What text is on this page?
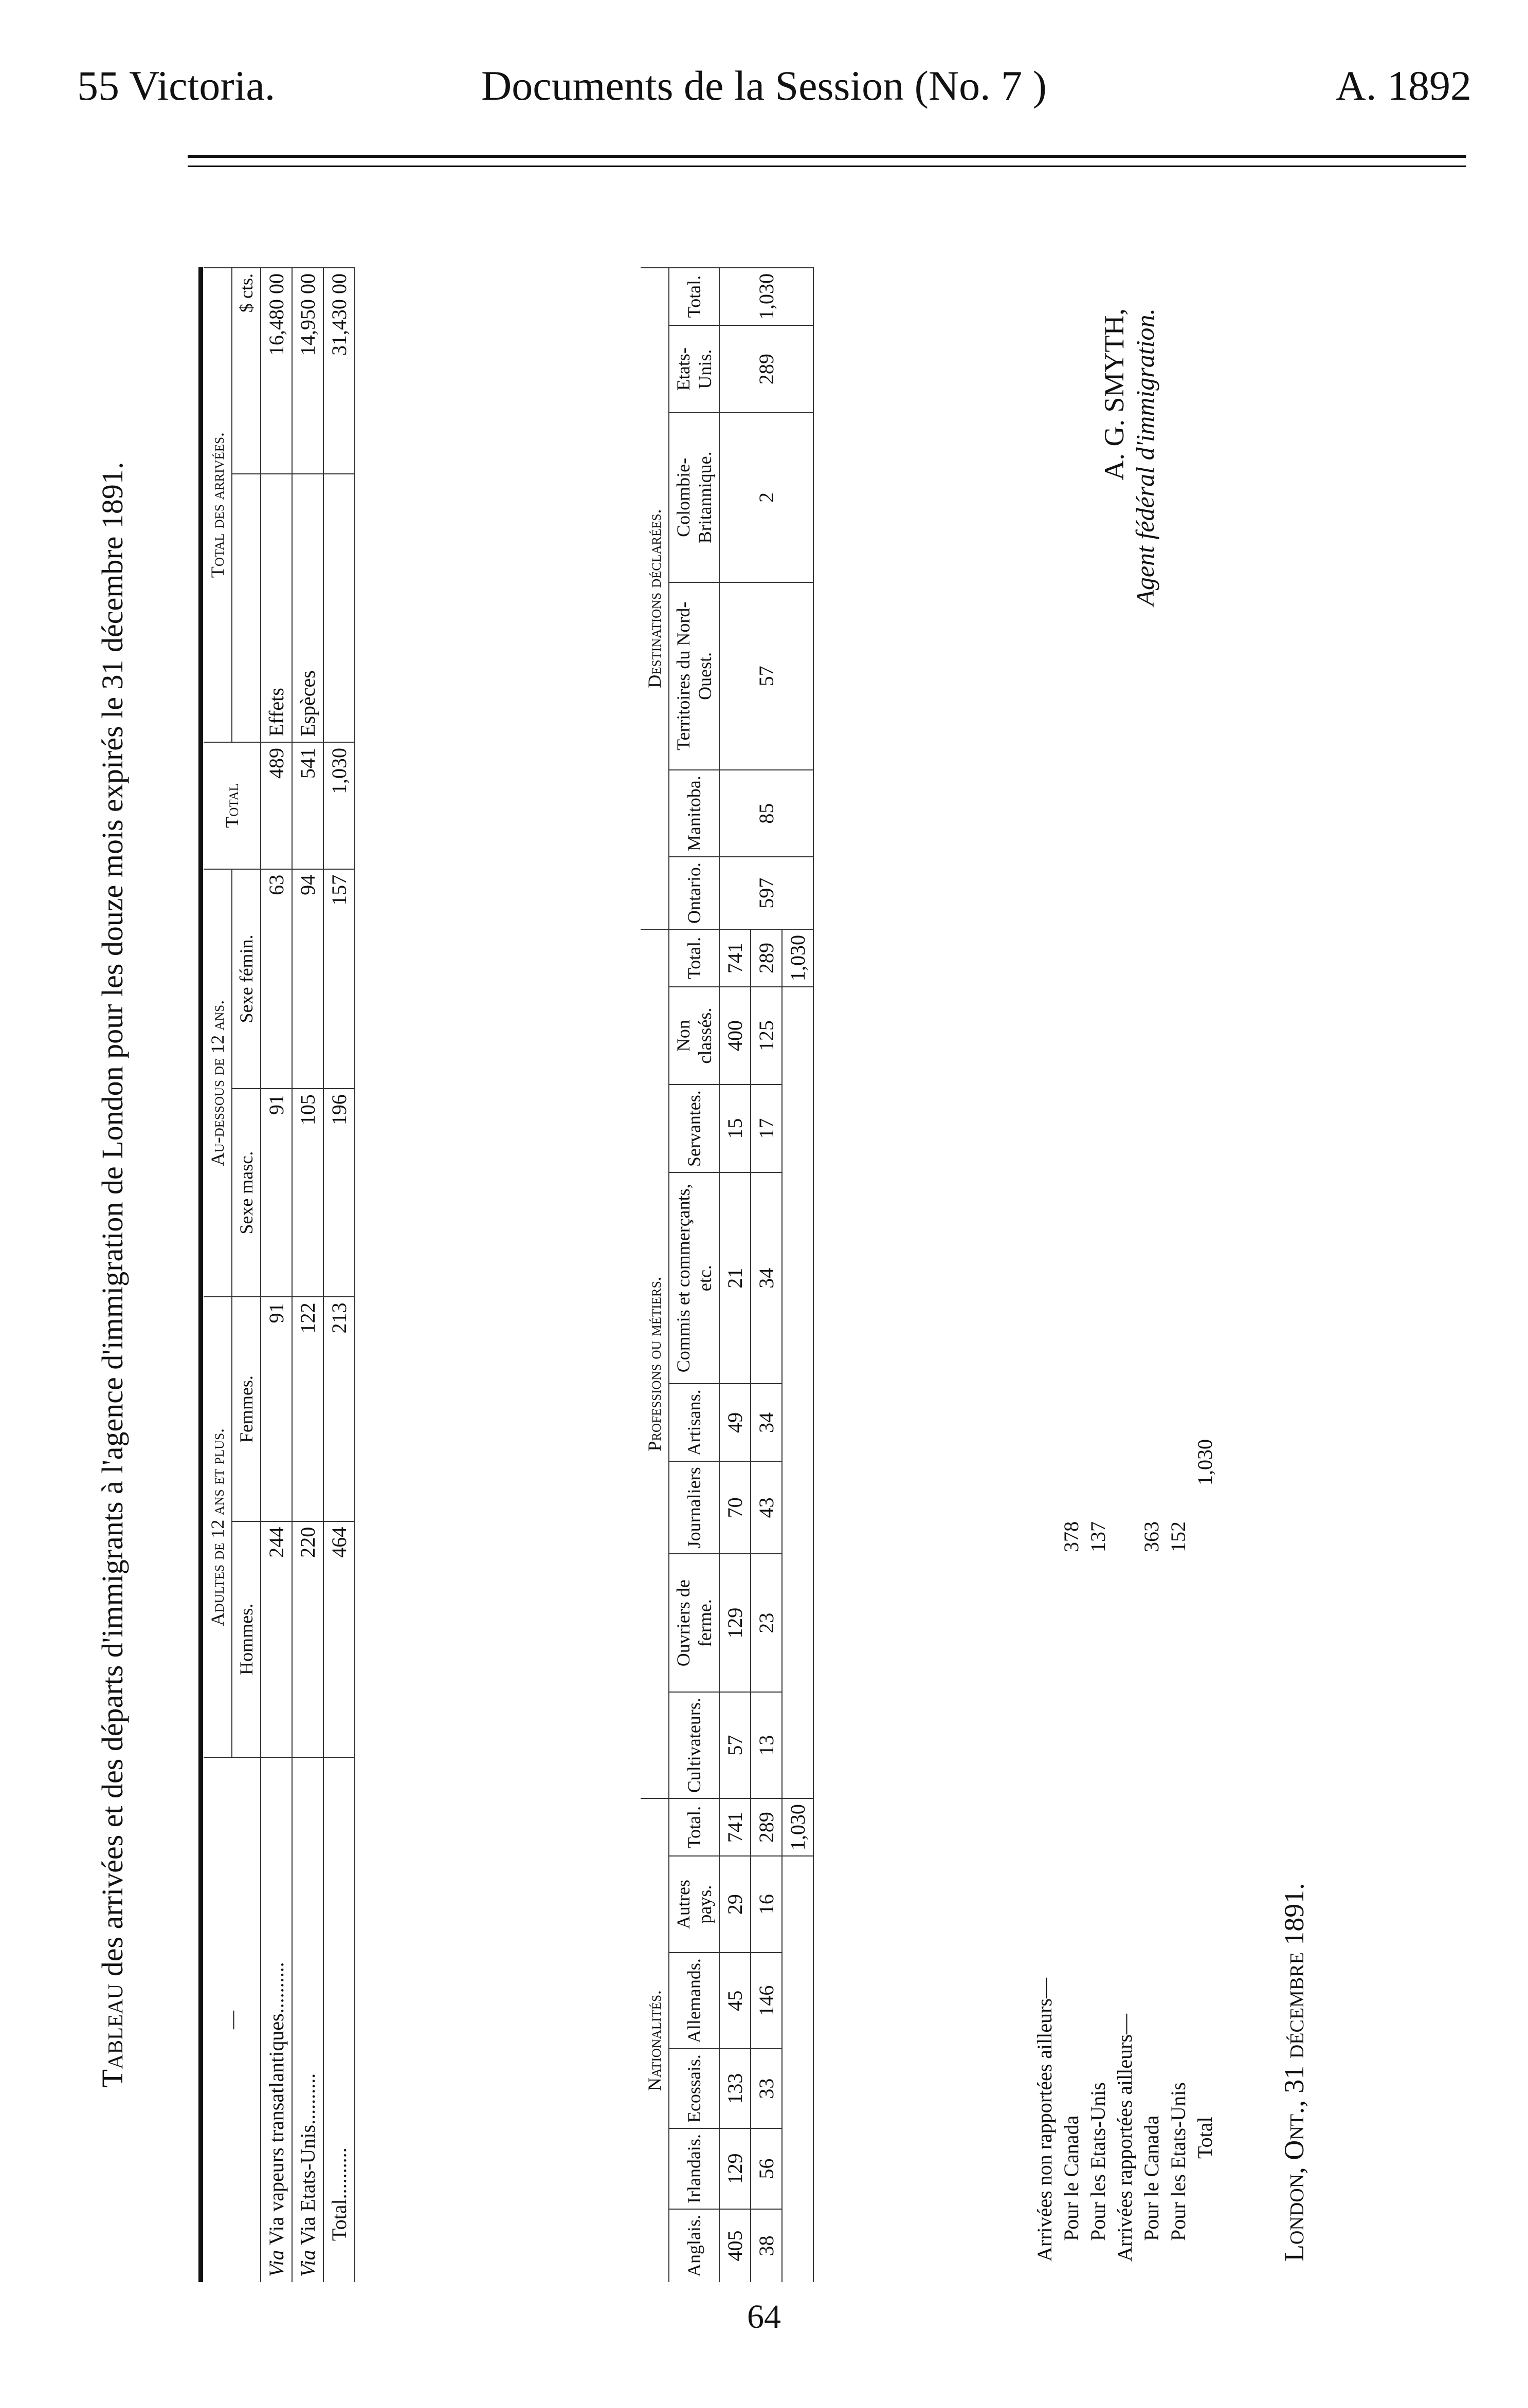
55 Victoria.	Documents de la Session (No. 7 )	A. 1892
Tableau des arrivées et des départs d'immigrants à l'agence d'immigration de London pour les douze mois expirés le 31 décembre 1891.
—	Adultes de 12 ans et plus.		Au-dessous de 12 ans.		Total	Total des arrivées.	
	Hommes.	Femmes.	Sexe masc.	Sexe fémin.			$ cts.
Via Via vapeurs transatlantiques..........	244	91	91	63	489	Effets	16,480 00
Via Via Etats-Unis..........	220	122	105	94	541	Espèces	14,950 00
Total..........	464	213	196	157	1,030		31,430 00
Nationalités.						Professions ou métiers.								Destinations déclarées.					
Anglais.	Irlandais.	Ecossais.	Allemands.	Autres pays.	Total.	Cultivateurs.	Ouvriers de ferme.	Journaliers	Artisans.	Commis et commerçants, etc.	Servantes.	Non classés.	Total.	Ontario.	Manitoba.	Territoires du Nord-Ouest.	Colombie-Britannique.	Etats-Unis.	Total.
405	129	133	45	29	741	57	129	70	49	21	15	400	741	597	85	57	2	289	1,030
38	56	33	146	16	289	13	23	43	34	34	17	125	289						
					1,030								1,030						
Arrivées non rapportées ailleurs— Pour le Canada
378
Pour les Etats-Unis
137
Arrivées rapportées ailleurs— Pour le Canada
363
Pour les Etats-Unis
152
Total
1,030
A. G. SMYTH, Agent fédéral d'immigration.
London, Ont., 31 décembre 1891.
64
